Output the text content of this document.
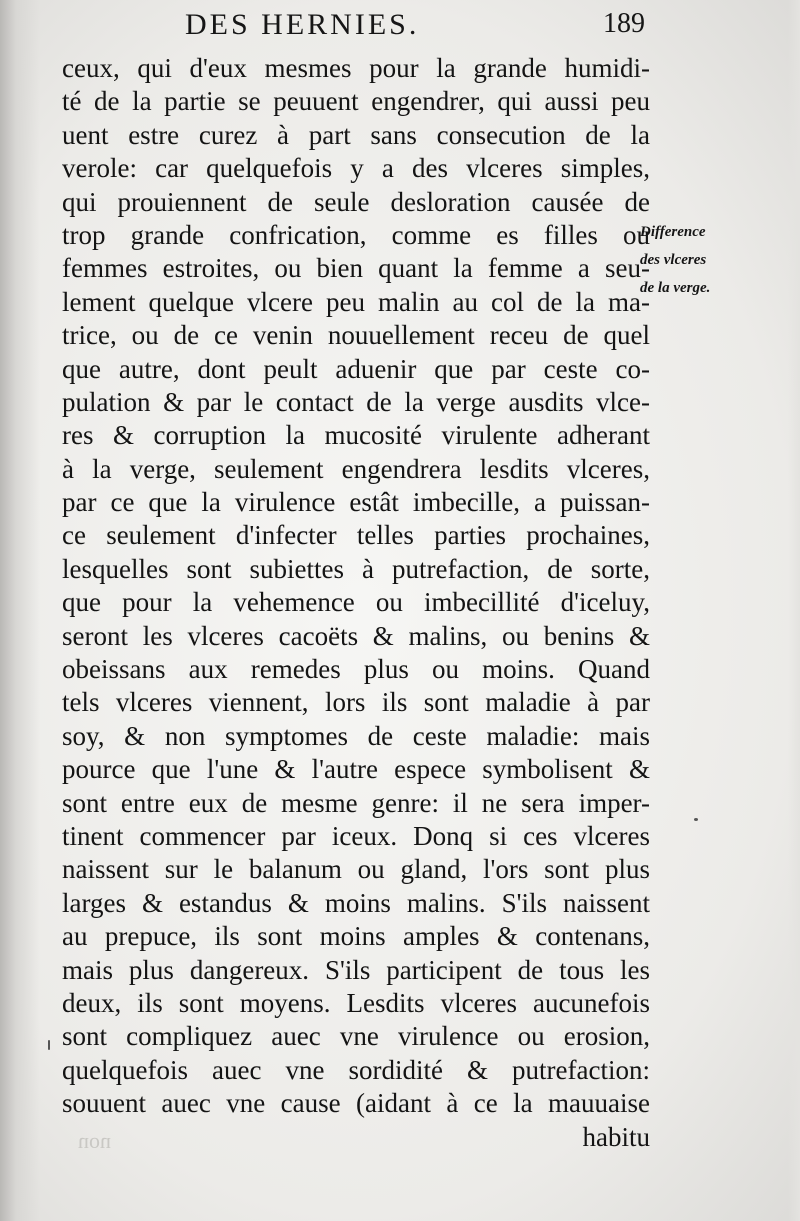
DES HERNIES.	189
ceux, qui d'eux mesmes pour la grande humidi-
té de la partie se peuuent engendrer, qui aussi peu
uent estre curez à part sans consecution de la
verole: car quelquefois y a des vlceres simples,
qui prouiennent de seule desloration causée de
trop grande confrication, comme es filles ou
femmes estroites, ou bien quant la femme a seu-
lement quelque vlcere peu malin au col de la ma-
trice, ou de ce venin nouuellement receu de quel
que autre, dont peult aduenir que par ceste co-
pulation & par le contact de la verge ausdits vlce-
res & corruption la mucosité virulente adherant
à la verge, seulement engendrera lesdits vlceres,
par ce que la virulence estât imbecille, a puissan-
ce seulement d'infecter telles parties prochaines,
lesquelles sont subiettes à putrefaction, de sorte,
que pour la vehemence ou imbecillité d'iceluy,
seront les vlceres cacoëts & malins, ou benins &
obeissans aux remedes plus ou moins. Quand
tels vlceres viennent, lors ils sont maladie à par
soy, & non symptomes de ceste maladie: mais
pource que l'une & l'autre espece symbolisent &
sont entre eux de mesme genre: il ne sera imper-
tinent commencer par iceux. Donq si ces vlceres
naissent sur le balanum ou gland, l'ors sont plus
larges & estandus & moins malins. S'ils naissent
au prepuce, ils sont moins amples & contenans,
mais plus dangereux. S'ils participent de tous les
deux, ils sont moyens. Lesdits vlceres aucunefois
sont compliquez auec vne virulence ou erosion,
quelquefois auec vne sordidité & putrefaction:
souuent auec vne cause (aidant à ce la mauuaise
habitu
Difference
des vlceres
de la verge.
non
